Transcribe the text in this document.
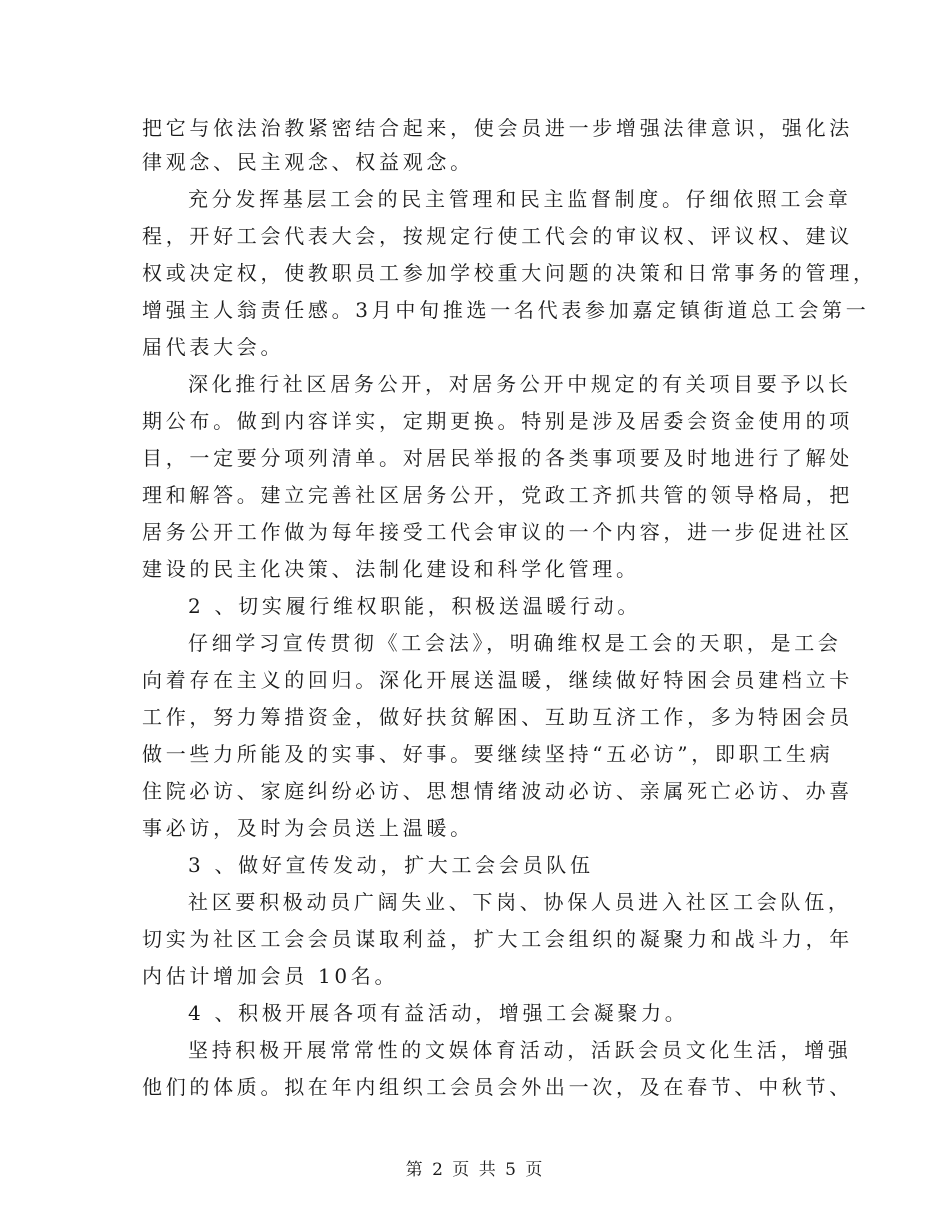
把它与依法治教紧密结合起来，使会员进一步增强法律意识，强化法
律观念、民主观念、权益观念。
充分发挥基层工会的民主管理和民主监督制度。仔细依照工会章
程，开好工会代表大会，按规定行使工代会的审议权、评议权、建议
权或决定权，使教职员工参加学校重大问题的决策和日常事务的管理，
增强主人翁责任感。3月中旬推选一名代表参加嘉定镇街道总工会第一
届代表大会。
深化推行社区居务公开，对居务公开中规定的有关项目要予以长
期公布。做到内容详实，定期更换。特别是涉及居委会资金使用的项
目，一定要分项列清单。对居民举报的各类事项要及时地进行了解处
理和解答。建立完善社区居务公开，党政工齐抓共管的领导格局，把
居务公开工作做为每年接受工代会审议的一个内容，进一步促进社区
建设的民主化决策、法制化建设和科学化管理。
2 、切实履行维权职能，积极送温暖行动。
仔细学习宣传贯彻《工会法》，明确维权是工会的天职，是工会
向着存在主义的回归。深化开展送温暖，继续做好特困会员建档立卡
工作，努力筹措资金，做好扶贫解困、互助互济工作，多为特困会员
做一些力所能及的实事、好事。要继续坚持“五必访”，即职工生病
住院必访、家庭纠纷必访、思想情绪波动必访、亲属死亡必访、办喜
事必访，及时为会员送上温暖。
3 、做好宣传发动，扩大工会会员队伍
社区要积极动员广阔失业、下岗、协保人员进入社区工会队伍，
切实为社区工会会员谋取利益，扩大工会组织的凝聚力和战斗力，年
内估计增加会员 10名。
4 、积极开展各项有益活动，增强工会凝聚力。
坚持积极开展常常性的文娱体育活动，活跃会员文化生活，增强
他们的体质。拟在年内组织工会员会外出一次，及在春节、中秋节、
第 2 页 共 5 页
